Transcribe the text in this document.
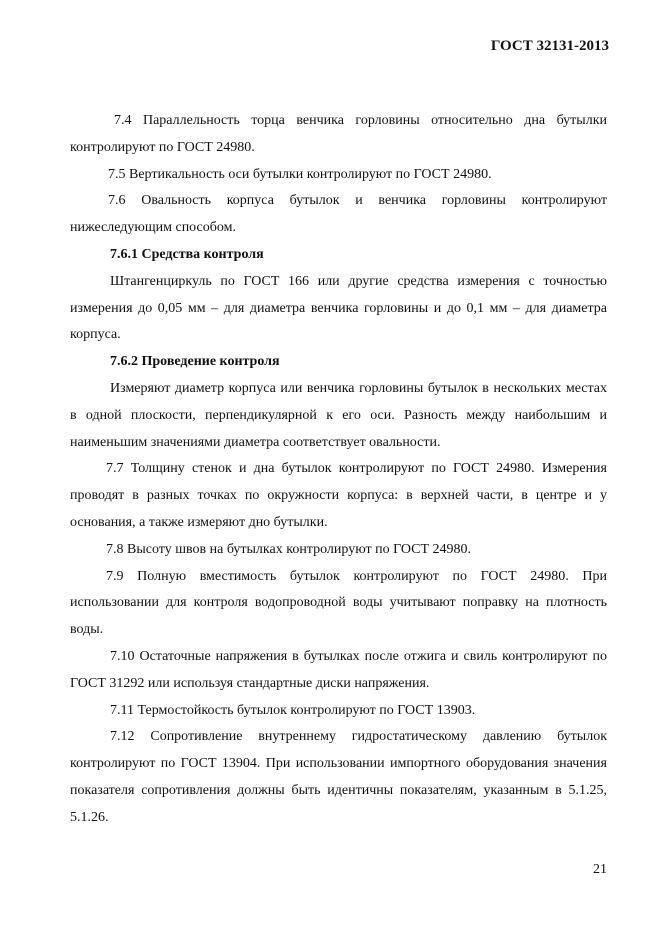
ГОСТ 32131-2013

7.4 Параллельность торца венчика горловины относительно дна бутылки контролируют по ГОСТ 24980.

7.5 Вертикальность оси бутылки контролируют по ГОСТ 24980.

7.6 Овальность корпуса бутылок и венчика горловины контролируют нижеследующим способом.

7.6.1 Средства контроля

Штангенциркуль по ГОСТ 166 или другие средства измерения с точностью измерения до 0,05 мм – для диаметра венчика горловины и до 0,1 мм – для диаметра корпуса.

7.6.2 Проведение контроля

Измеряют диаметр корпуса или венчика горловины бутылок в нескольких местах в одной плоскости, перпендикулярной к его оси. Разность между наибольшим и наименьшим значениями диаметра соответствует овальности.

7.7 Толщину стенок и дна бутылок контролируют по ГОСТ 24980. Измерения проводят в разных точках по окружности корпуса: в верхней части, в центре и у основания, а также измеряют дно бутылки.

7.8 Высоту швов на бутылках контролируют по ГОСТ 24980.

7.9 Полную вместимость бутылок контролируют по ГОСТ 24980. При использовании для контроля водопроводной воды учитывают поправку на плотность воды.

7.10 Остаточные напряжения в бутылках после отжига и свиль контролируют по ГОСТ 31292 или используя стандартные диски напряжения.

7.11 Термостойкость бутылок контролируют по ГОСТ 13903.

7.12 Сопротивление внутреннему гидростатическому давлению бутылок контролируют по ГОСТ 13904. При использовании импортного оборудования значения показателя сопротивления должны быть идентичны показателям, указанным в 5.1.25, 5.1.26.

21
